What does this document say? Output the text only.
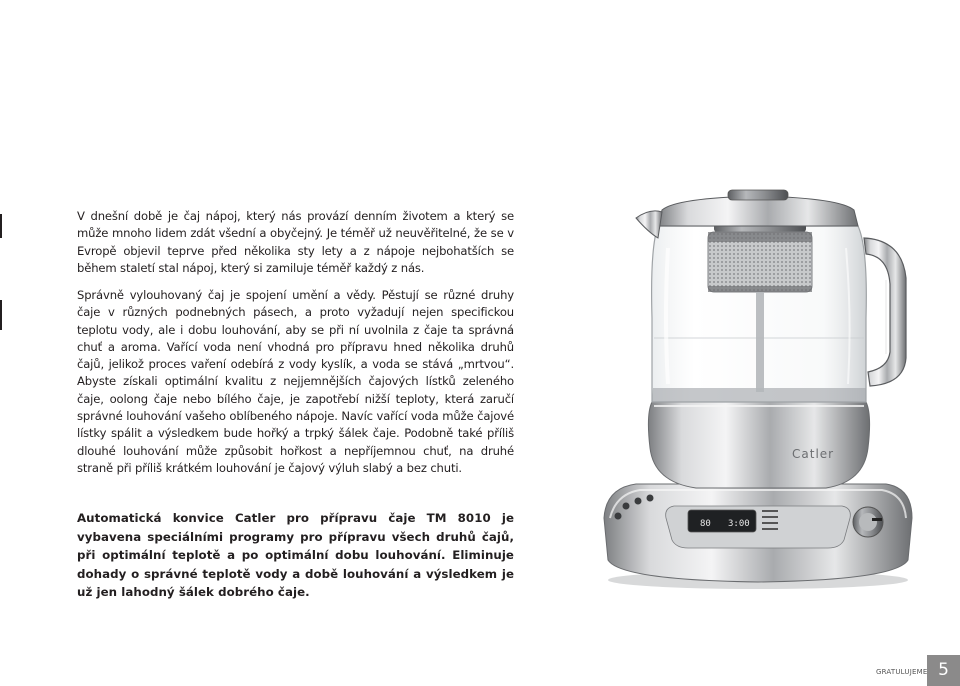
V dnešní době je čaj nápoj, který nás provází denním životem a který se může mnoho lidem zdát všední a obyčejný. Je téměř už neuvěřitelné, že se v Evropě objevil teprve před několika sty lety a z nápoje nejbohatších se během staletí stal nápoj, který si zamiluje téměř každý z nás.

Správně vylouhovaný čaj je spojení umění a vědy. Pěstují se různé druhy čaje v různých podnebných pásech, a proto vyžadují nejen specifickou teplotu vody, ale i dobu louhování, aby se při ní uvolnila z čaje ta správná chuť a aroma. Vařící voda není vhodná pro přípravu hned několika druhů čajů, jelikož proces vaření odebírá z vody kyslík, a voda se stává „mrtvou“. Abyste získali optimální kvalitu z nejjemnějších čajových lístků zeleného čaje, oolong čaje nebo bílého čaje, je zapotřebí nižší teploty, která zaručí správné louhování vašeho oblíbeného nápoje. Navíc vařící voda může čajové lístky spálit a výsledkem bude hořký a trpký šálek čaje. Podobně také příliš dlouhé louhování může způsobit hořkost a nepříjemnou chuť, na druhé straně při příliš krátkém louhování je čajový výluh slabý a bez chuti.

Automatická konvice Catler pro přípravu čaje TM 8010 je vybavena speciálními programy pro přípravu všech druhů čajů, při optimální teplotě a po optimální dobu louhování. Eliminuje dohady o správné teplotě vody a době louhování a výsledkem je už jen lahodný šálek dobrého čaje.

80 3:00
Catler
GRATULUJEME 5
